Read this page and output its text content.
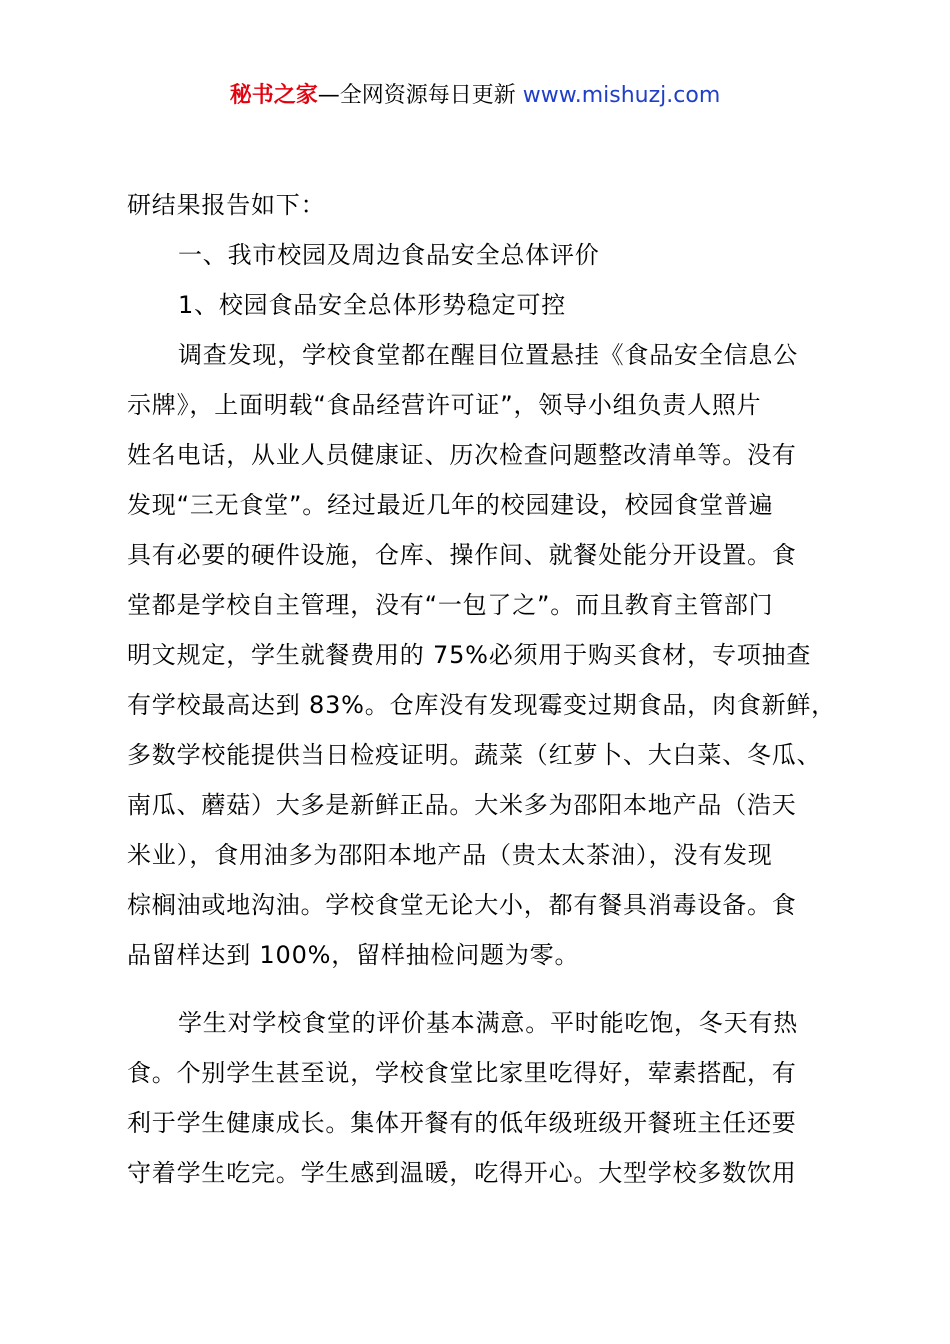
秘书之家—全网资源每日更新 www.mishuzj.com
研结果报告如下：
一、我市校园及周边食品安全总体评价
1、校园食品安全总体形势稳定可控
调查发现，学校食堂都在醒目位置悬挂《食品安全信息公
示牌》，上面明载“食品经营许可证”，领导小组负责人照片
姓名电话，从业人员健康证、历次检查问题整改清单等。没有
发现“三无食堂”。经过最近几年的校园建设，校园食堂普遍
具有必要的硬件设施，仓库、操作间、就餐处能分开设置。食
堂都是学校自主管理，没有“一包了之”。而且教育主管部门
明文规定，学生就餐费用的 75%必须用于购买食材，专项抽查
有学校最高达到 83%。仓库没有发现霉变过期食品，肉食新鲜，
多数学校能提供当日检疫证明。蔬菜（红萝卜、大白菜、冬瓜、
南瓜、蘑菇）大多是新鲜正品。大米多为邵阳本地产品（浩天
米业），食用油多为邵阳本地产品（贵太太茶油），没有发现
棕榈油或地沟油。学校食堂无论大小，都有餐具消毒设备。食
品留样达到 100%，留样抽检问题为零。
学生对学校食堂的评价基本满意。平时能吃饱，冬天有热
食。个别学生甚至说，学校食堂比家里吃得好，荤素搭配，有
利于学生健康成长。集体开餐有的低年级班级开餐班主任还要
守着学生吃完。学生感到温暖，吃得开心。大型学校多数饮用
